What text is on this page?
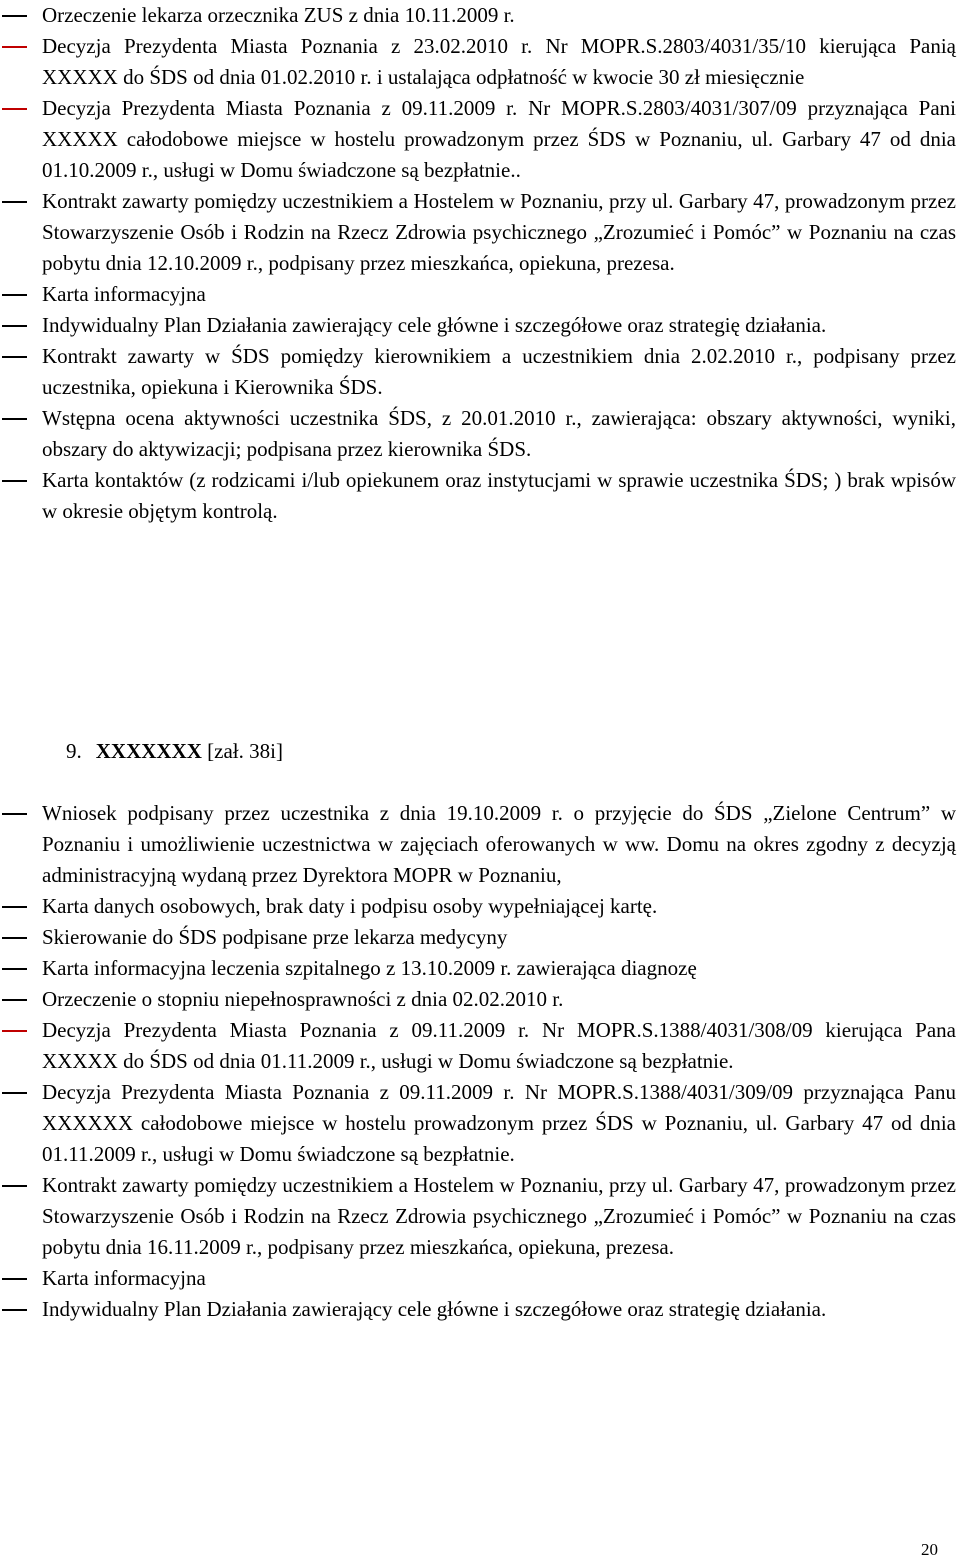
Orzeczenie lekarza orzecznika ZUS z dnia 10.11.2009 r.
Decyzja Prezydenta Miasta Poznania z 23.02.2010 r. Nr MOPR.S.2803/4031/35/10 kierująca Panią XXXXX do ŚDS od dnia 01.02.2010 r. i ustalająca odpłatność w kwocie 30 zł miesięcznie
Decyzja Prezydenta Miasta Poznania z 09.11.2009 r. Nr MOPR.S.2803/4031/307/09 przyznająca Pani XXXXX całodobowe miejsce w hostelu prowadzonym przez ŚDS w Poznaniu, ul. Garbary 47 od dnia 01.10.2009 r., usługi w Domu świadczone są bezpłatnie..
Kontrakt zawarty pomiędzy uczestnikiem a Hostelem w Poznaniu, przy ul. Garbary 47, prowadzonym przez Stowarzyszenie Osób i Rodzin na Rzecz Zdrowia psychicznego „Zrozumieć i Pomóc” w Poznaniu na czas pobytu dnia 12.10.2009 r., podpisany przez mieszkańca, opiekuna, prezesa.
Karta informacyjna
Indywidualny Plan Działania zawierający cele główne i szczegółowe oraz strategię działania.
Kontrakt zawarty w ŚDS pomiędzy kierownikiem a uczestnikiem dnia 2.02.2010 r., podpisany przez uczestnika, opiekuna i Kierownika ŚDS.
Wstępna ocena aktywności uczestnika ŚDS, z 20.01.2010 r., zawierająca: obszary aktywności, wyniki, obszary do aktywizacji; podpisana przez kierownika ŚDS.
Karta kontaktów (z rodzicami i/lub opiekunem oraz instytucjami w sprawie uczestnika ŚDS; ) brak wpisów w okresie objętym kontrolą.
9. XXXXXXX [zał. 38i]
Wniosek podpisany przez uczestnika z dnia 19.10.2009 r. o przyjęcie do ŚDS „Zielone Centrum” w Poznaniu i umożliwienie uczestnictwa w zajęciach oferowanych w ww. Domu na okres zgodny z decyzją administracyjną wydaną przez Dyrektora MOPR w Poznaniu,
Karta danych osobowych, brak daty i podpisu osoby wypełniającej kartę.
Skierowanie do ŚDS podpisane prze lekarza medycyny
Karta informacyjna leczenia szpitalnego z 13.10.2009 r. zawierająca diagnozę
Orzeczenie o stopniu niepełnosprawności z dnia 02.02.2010 r.
Decyzja Prezydenta Miasta Poznania z 09.11.2009 r. Nr MOPR.S.1388/4031/308/09 kierująca Pana XXXXX do ŚDS od dnia 01.11.2009 r., usługi w Domu świadczone są bezpłatnie.
Decyzja Prezydenta Miasta Poznania z 09.11.2009 r. Nr MOPR.S.1388/4031/309/09 przyznająca Panu XXXXXX całodobowe miejsce w hostelu prowadzonym przez ŚDS w Poznaniu, ul. Garbary 47 od dnia 01.11.2009 r., usługi w Domu świadczone są bezpłatnie.
Kontrakt zawarty pomiędzy uczestnikiem a Hostelem w Poznaniu, przy ul. Garbary 47, prowadzonym przez Stowarzyszenie Osób i Rodzin na Rzecz Zdrowia psychicznego „Zrozumieć i Pomóc” w Poznaniu na czas pobytu dnia 16.11.2009 r., podpisany przez mieszkańca, opiekuna, prezesa.
Karta informacyjna
Indywidualny Plan Działania zawierający cele główne i szczegółowe oraz strategię działania.
20
